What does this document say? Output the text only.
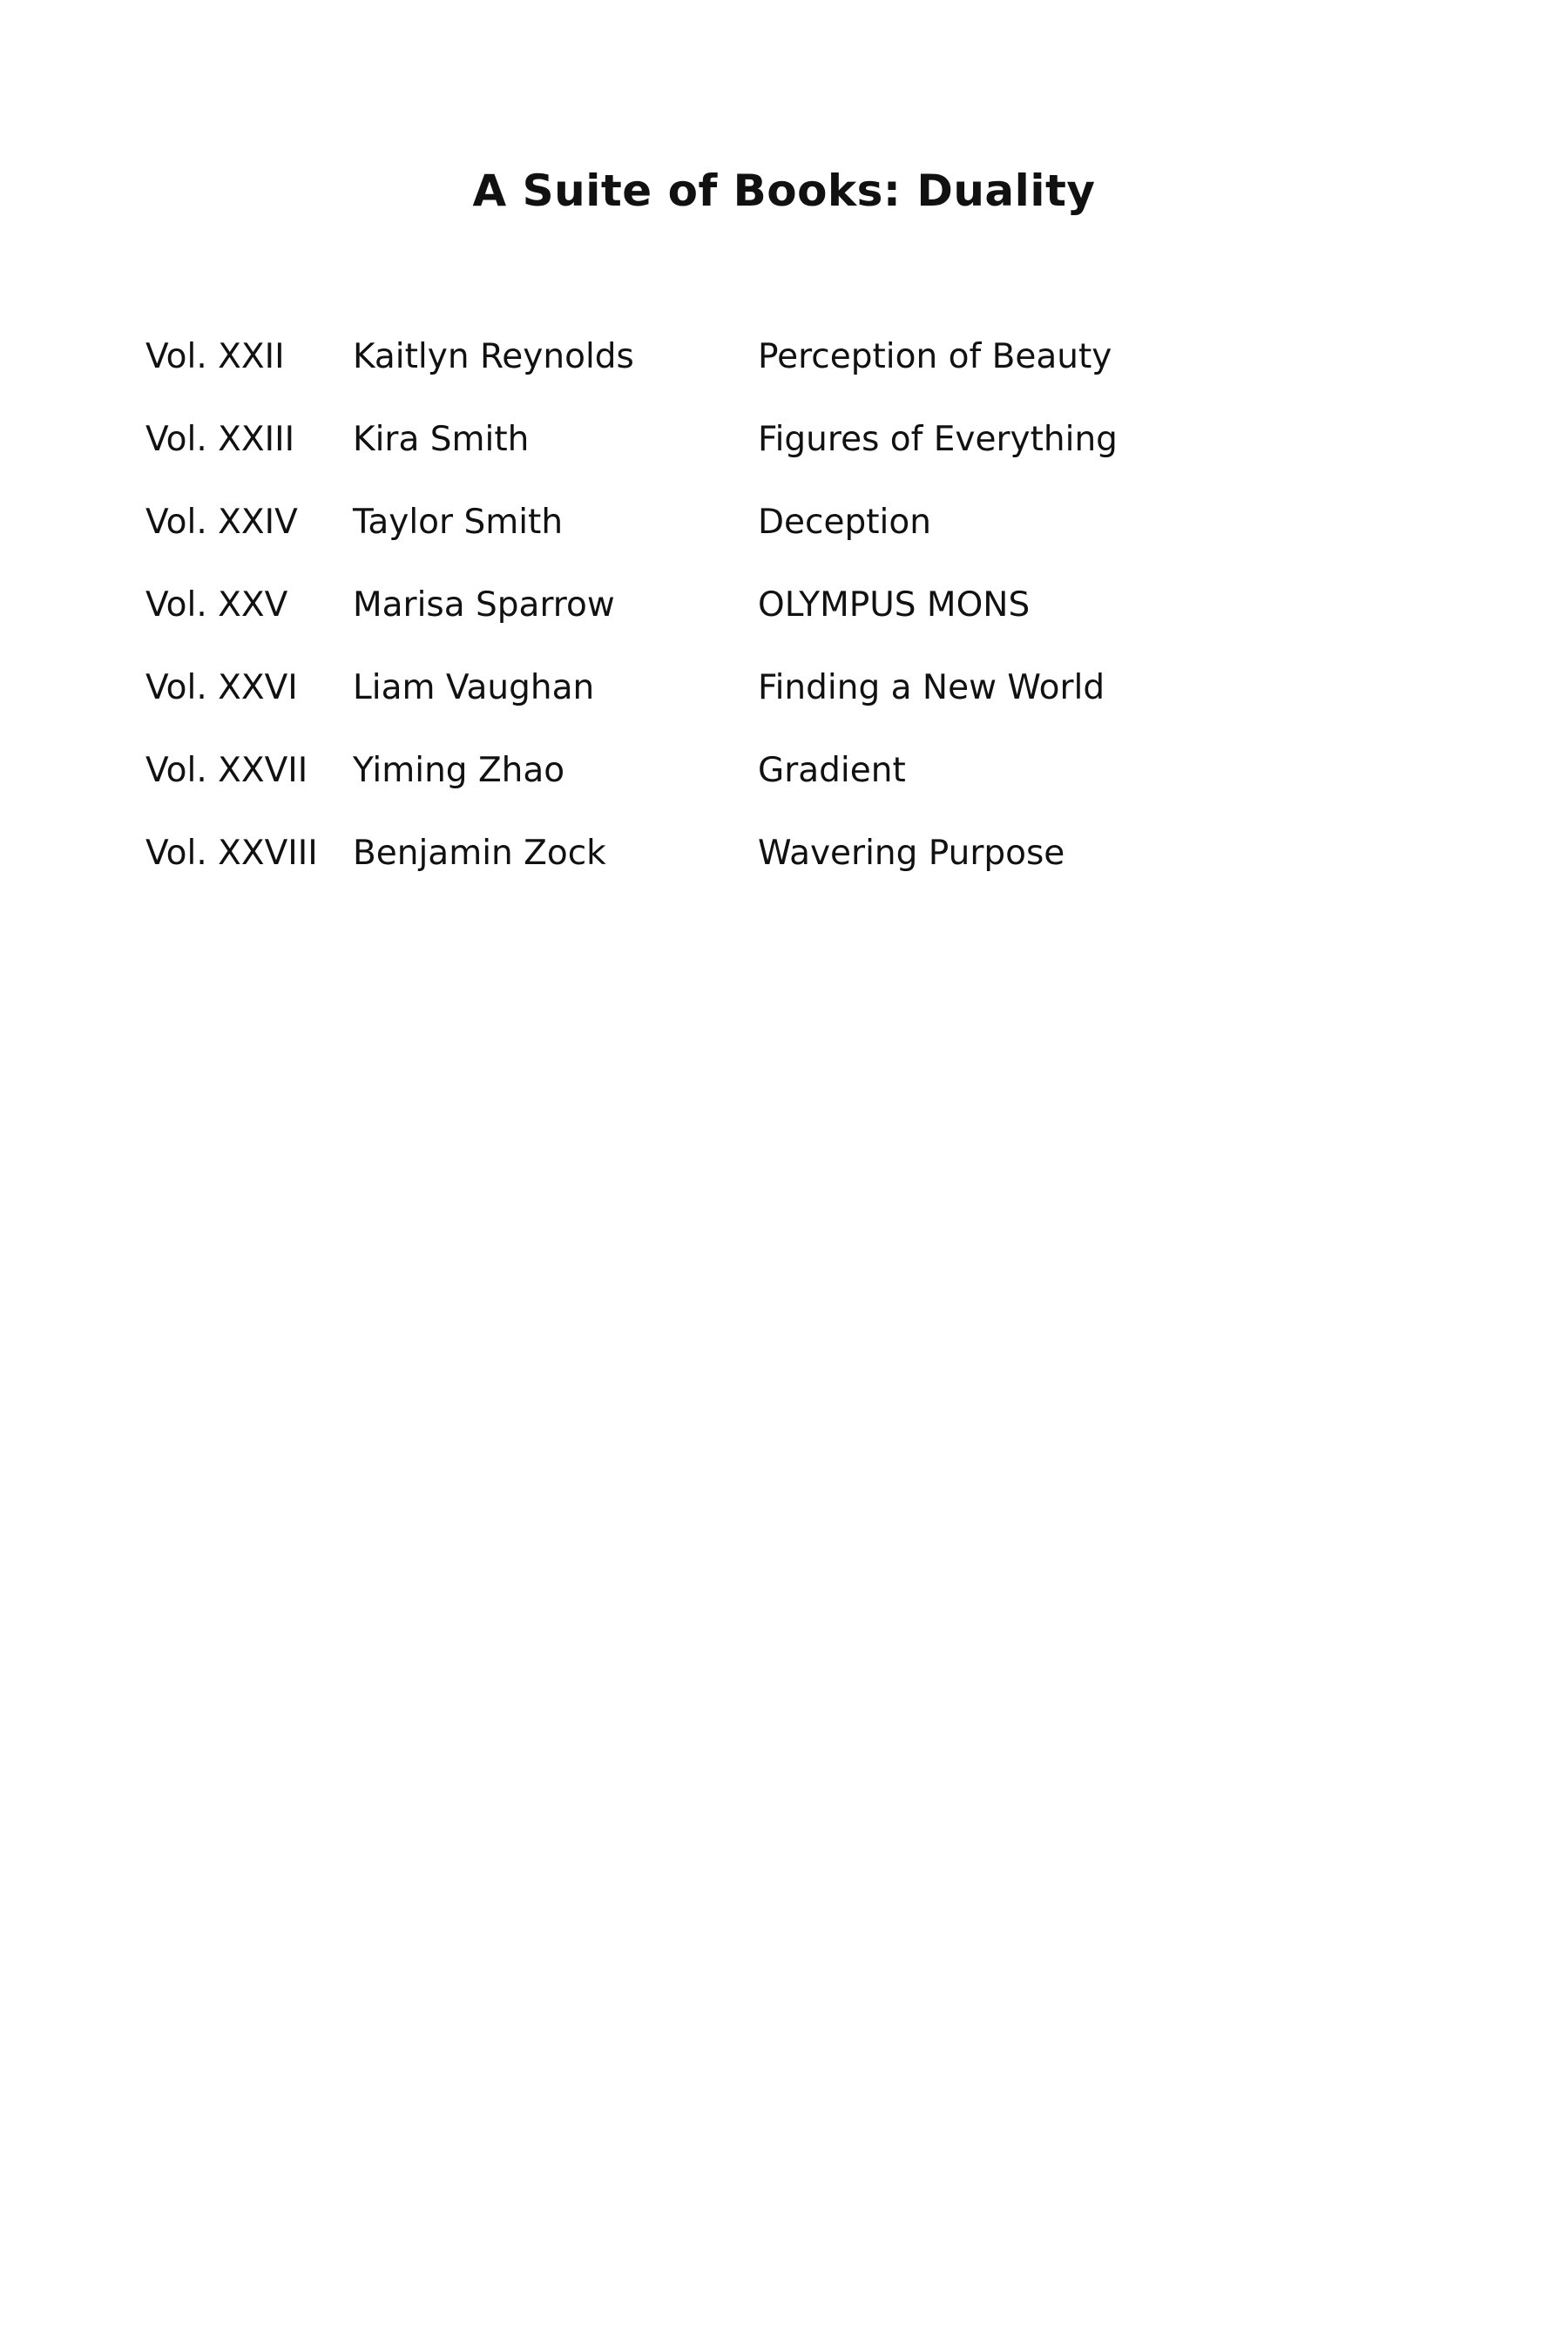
A Suite of Books: Duality
Vol. XXII Kaitlyn Reynolds	Perception of Beauty
Vol. XXIII Kira Smith	Figures of Everything
Vol. XXIV Taylor Smith	Deception
Vol. XXV Marisa Sparrow	OLYMPUS MONS
Vol. XXVI Liam Vaughan	Finding a New World
Vol. XXVII Yiming Zhao	Gradient
Vol. XXVIII Benjamin Zock	Wavering Purpose
